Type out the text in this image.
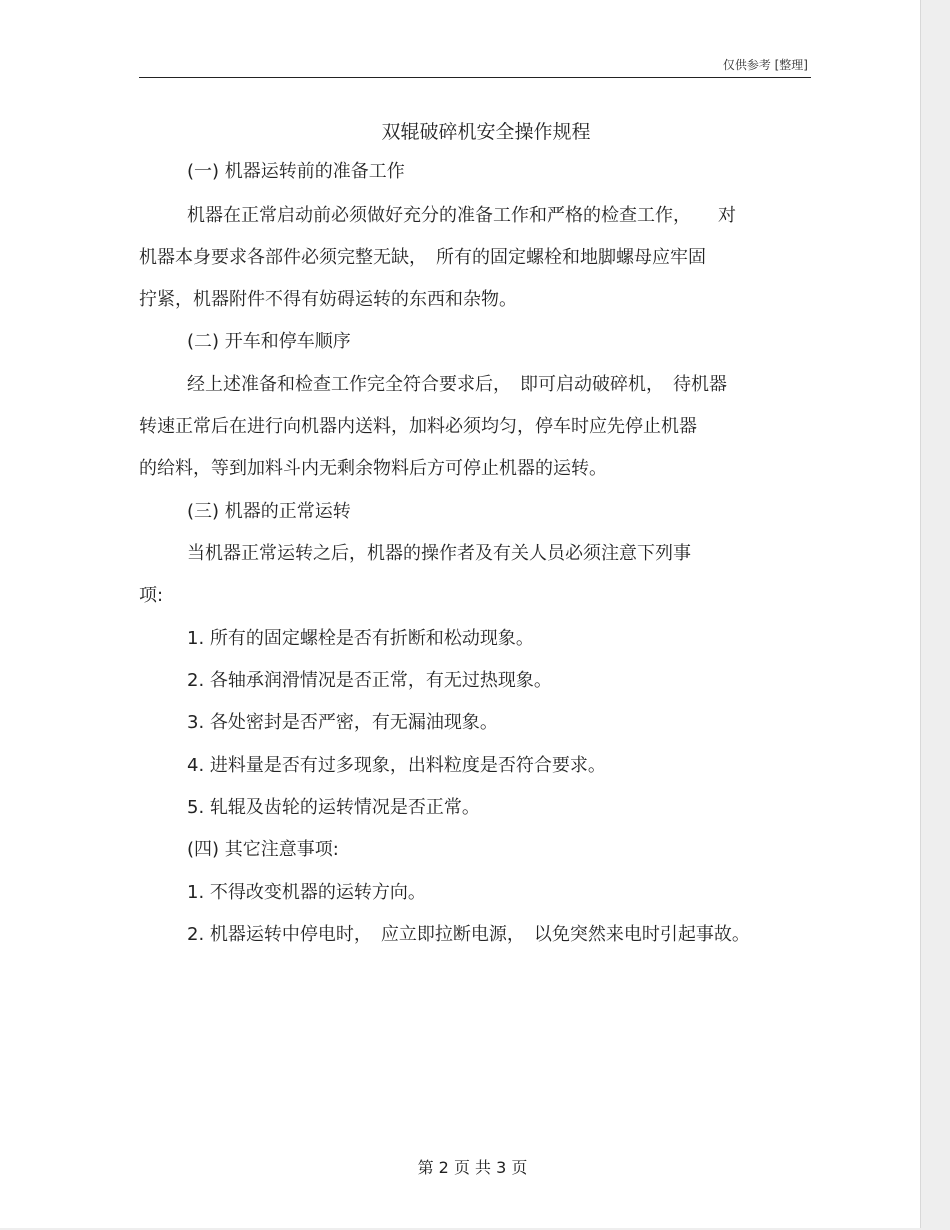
仅供参考 [整理]
双辊破碎机安全操作规程
(一) 机器运转前的准备工作
机器在正常启动前必须做好充分的准备工作和严格的检查工作，　　对
机器本身要求各部件必须完整无缺，　所有的固定螺栓和地脚螺母应牢固
拧紧，机器附件不得有妨碍运转的东西和杂物。
(二) 开车和停车顺序
经上述准备和检查工作完全符合要求后，　即可启动破碎机，　待机器
转速正常后在进行向机器内送料，加料必须均匀，停车时应先停止机器
的给料，等到加料斗内无剩余物料后方可停止机器的运转。
(三) 机器的正常运转
当机器正常运转之后，机器的操作者及有关人员必须注意下列事
项:
1. 所有的固定螺栓是否有折断和松动现象。
2. 各轴承润滑情况是否正常，有无过热现象。
3. 各处密封是否严密，有无漏油现象。
4. 进料量是否有过多现象，出料粒度是否符合要求。
5. 轧辊及齿轮的运转情况是否正常。
(四) 其它注意事项:
1. 不得改变机器的运转方向。
2. 机器运转中停电时，　应立即拉断电源，　以免突然来电时引起事故。
第 2 页 共 3 页
